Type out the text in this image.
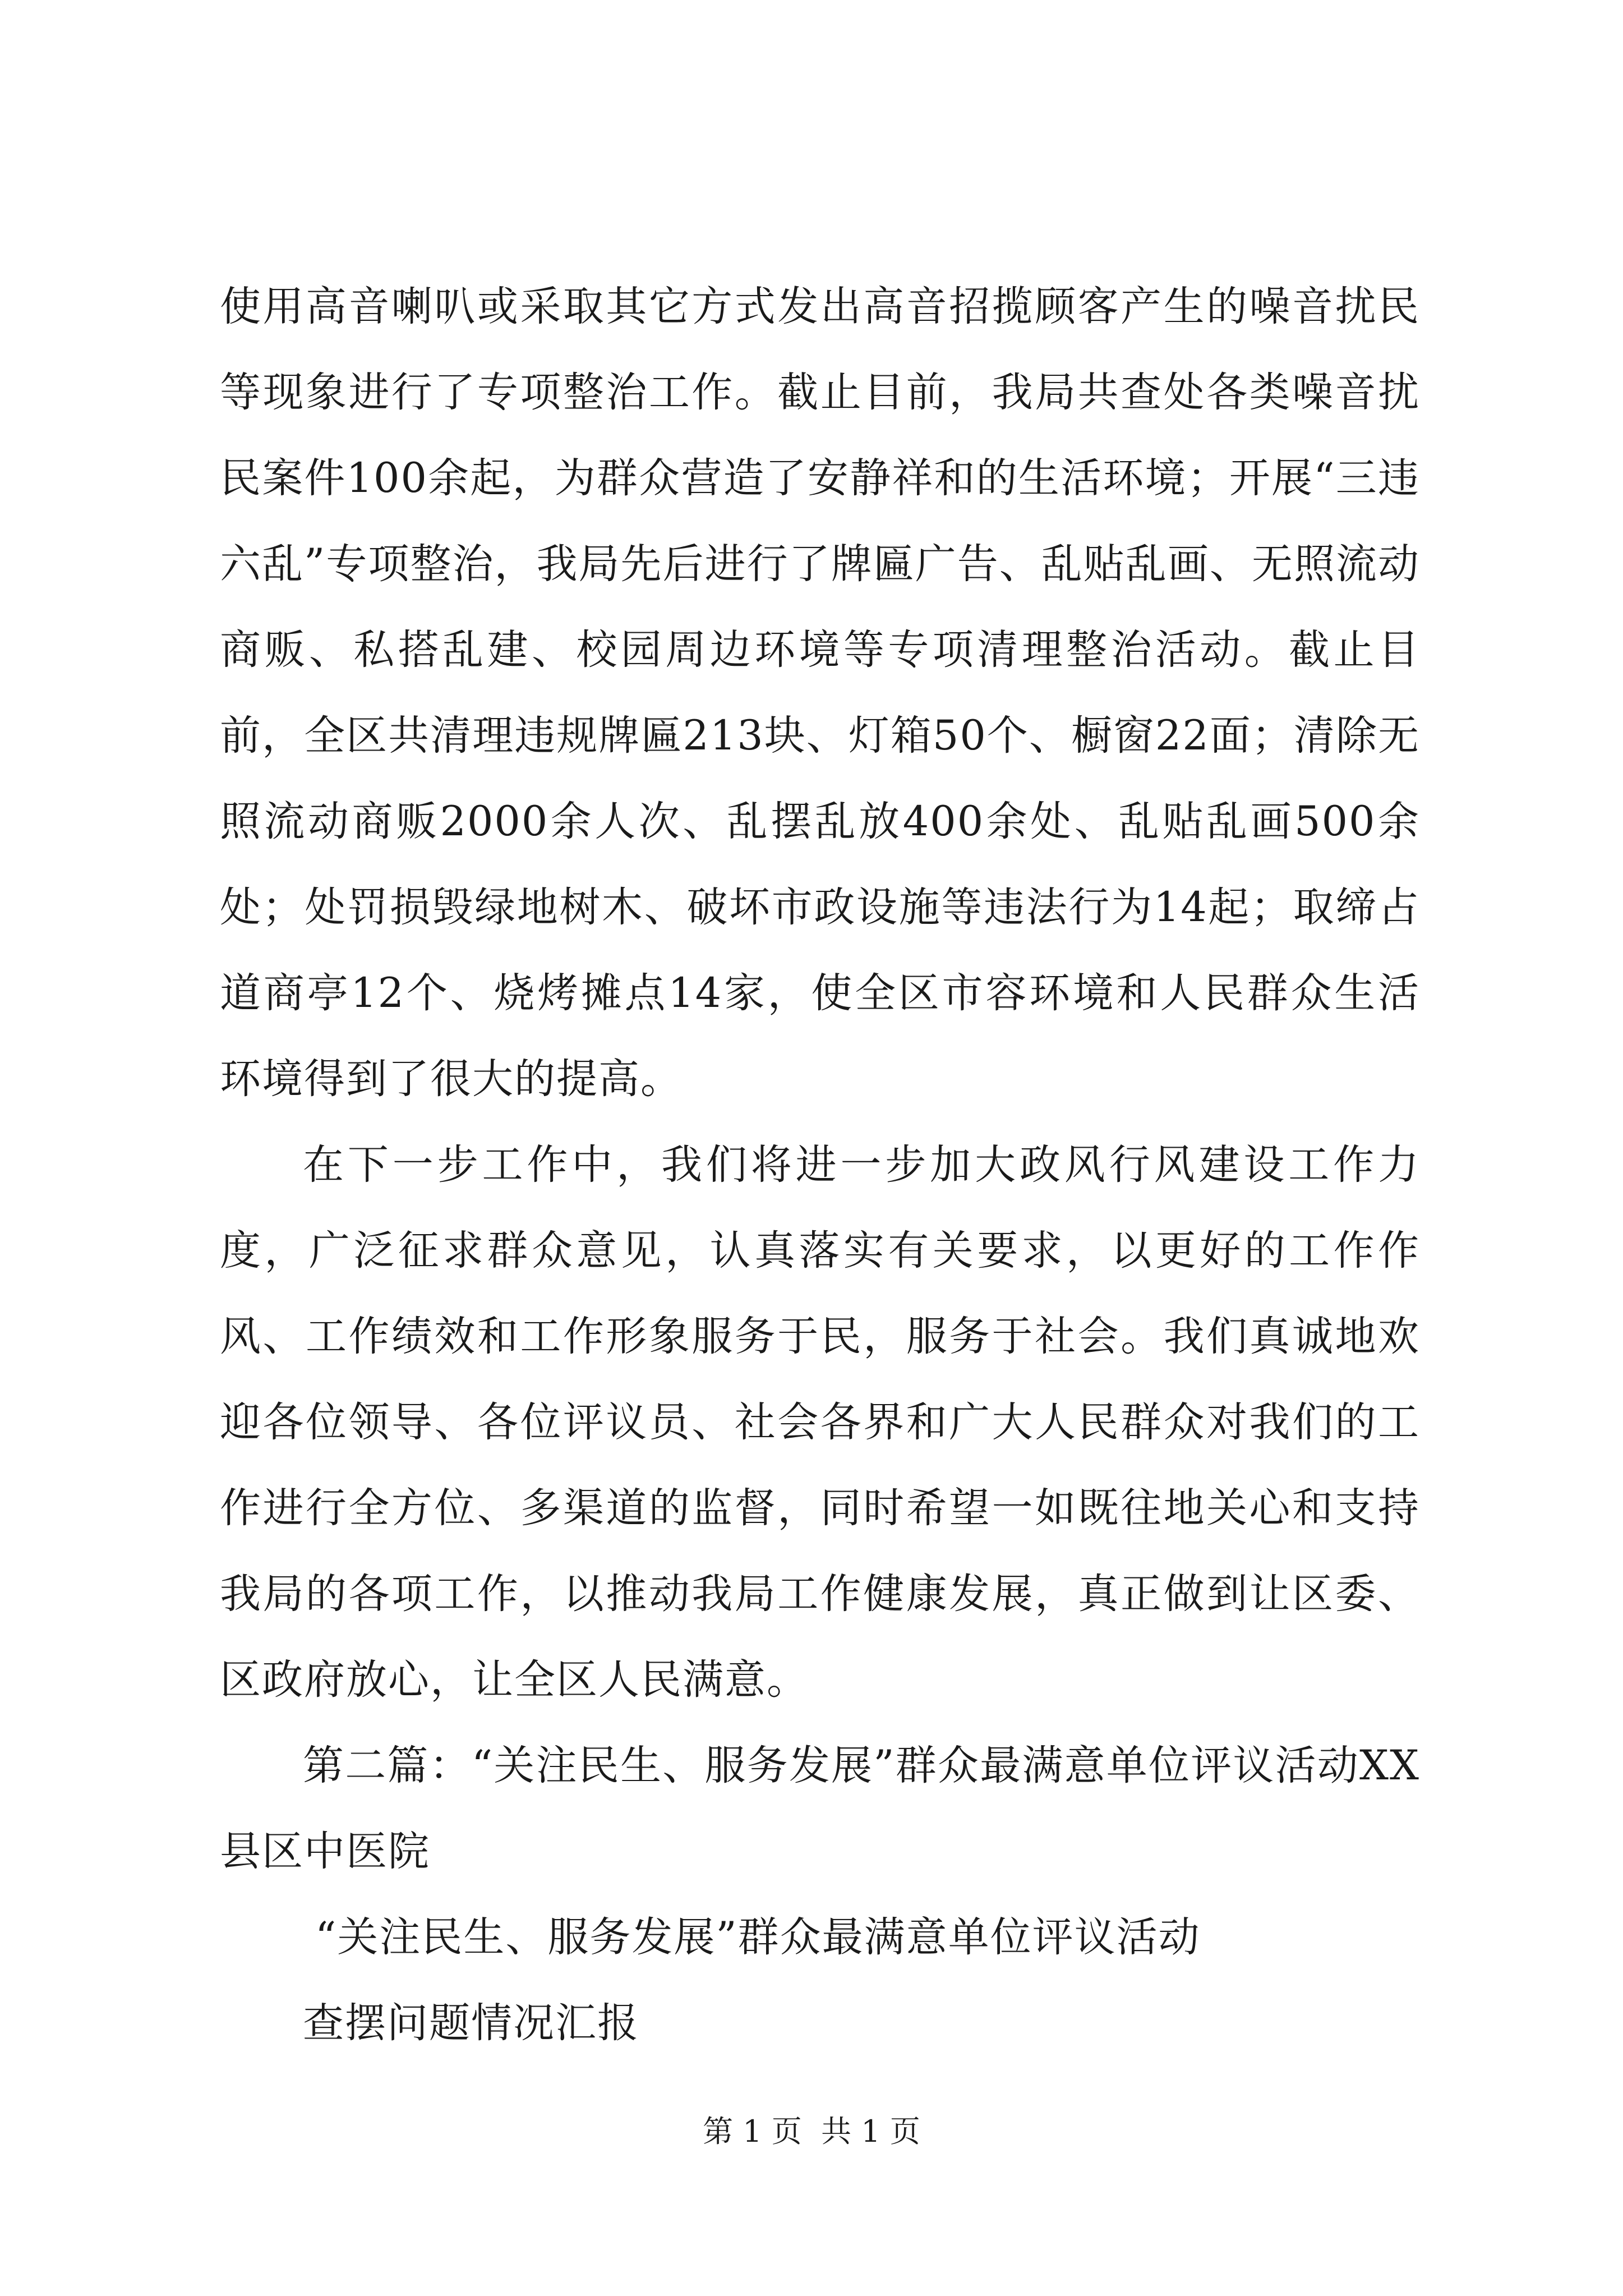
使用高音喇叭或采取其它方式发出高音招揽顾客产生的噪音扰民等现象进行了专项整治工作。截止目前，我局共查处各类噪音扰民案件100余起，为群众营造了安静祥和的生活环境；开展“三违六乱”专项整治，我局先后进行了牌匾广告、乱贴乱画、无照流动商贩、私搭乱建、校园周边环境等专项清理整治活动。截止目前，全区共清理违规牌匾213块、灯箱50个、橱窗22面；清除无照流动商贩2000余人次、乱摆乱放400余处、乱贴乱画500余处；处罚损毁绿地树木、破坏市政设施等违法行为14起；取缔占道商亭12个、烧烤摊点14家，使全区市容环境和人民群众生活环境得到了很大的提高。

在下一步工作中，我们将进一步加大政风行风建设工作力度，广泛征求群众意见，认真落实有关要求，以更好的工作作风、工作绩效和工作形象服务于民，服务于社会。我们真诚地欢迎各位领导、各位评议员、社会各界和广大人民群众对我们的工作进行全方位、多渠道的监督，同时希望一如既往地关心和支持我局的各项工作，以推动我局工作健康发展，真正做到让区委、区政府放心，让全区人民满意。

第二篇：“关注民生、服务发展”群众最满意单位评议活动XX县区中医院

“关注民生、服务发展”群众最满意单位评议活动

查摆问题情况汇报

第 1 页  共 1 页
